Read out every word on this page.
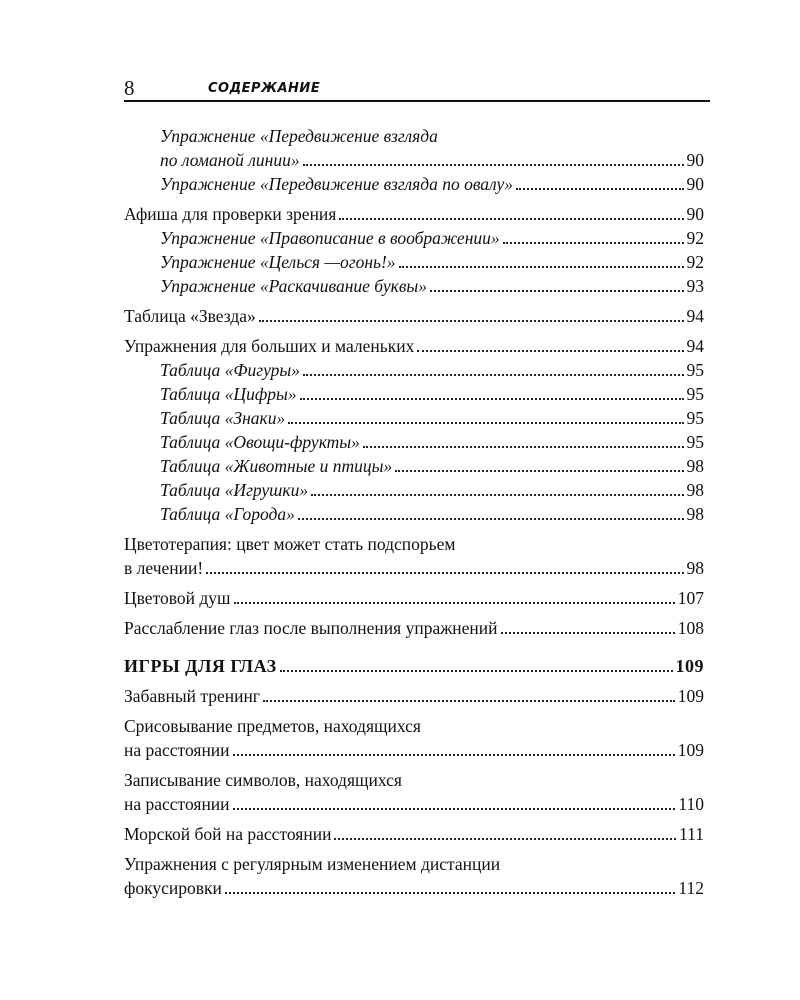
8	СОДЕРЖАНИЕ
Упражнение «Передвижение взгляда
по ломаной линии»	90
Упражнение «Передвижение взгляда по овалу»	90
Афиша для проверки зрения	90
Упражнение «Правописание в воображении»	92
Упражнение «Целься —огонь!»	92
Упражнение «Раскачивание буквы»	93
Таблица «Звезда»	94
Упражнения для больших и маленьких	94
Таблица «Фигуры»	95
Таблица «Цифры»	95
Таблица «Знаки»	95
Таблица «Овощи-фрукты»	95
Таблица «Животные и птицы»	98
Таблица «Игрушки»	98
Таблица «Города»	98
Цветотерапия: цвет может стать подспорьем
в лечении!	98
Цветовой душ	107
Расслабление глаз после выполнения упражнений	108
ИГРЫ ДЛЯ ГЛАЗ	109
Забавный тренинг	109
Срисовывание предметов, находящихся
на расстоянии	109
Записывание символов, находящихся
на расстоянии	110
Морской бой на расстоянии	111
Упражнения с регулярным изменением дистанции
фокусировки	112
